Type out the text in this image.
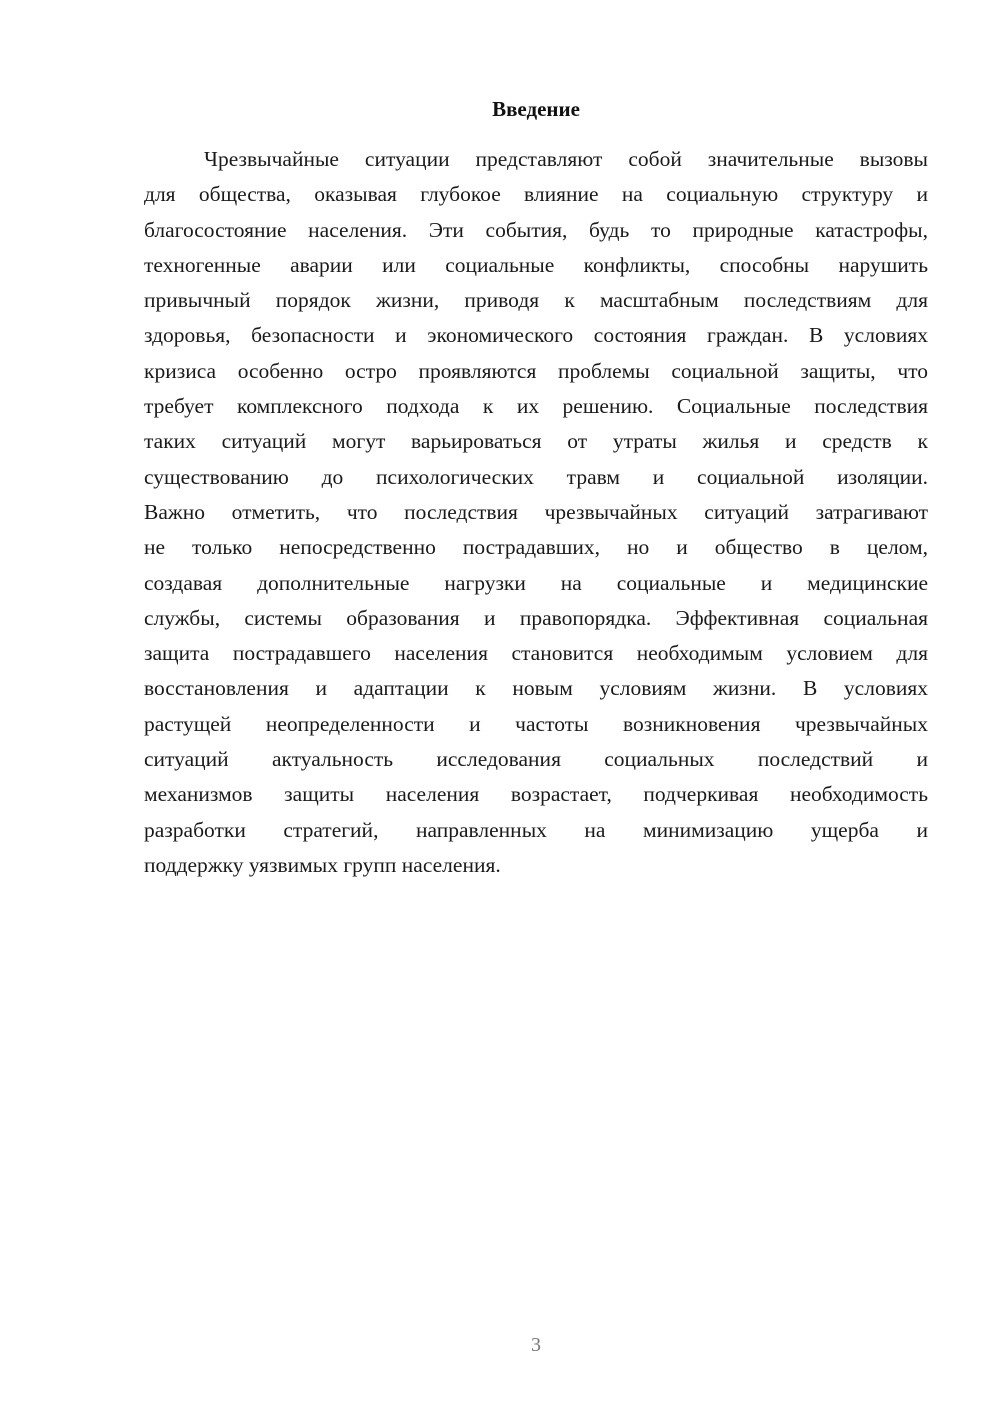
Введение
Чрезвычайные ситуации представляют собой значительные вызовы
для общества, оказывая глубокое влияние на социальную структуру и
благосостояние населения. Эти события, будь то природные катастрофы,
техногенные аварии или социальные конфликты, способны нарушить
привычный порядок жизни, приводя к масштабным последствиям для
здоровья, безопасности и экономического состояния граждан. В условиях
кризиса особенно остро проявляются проблемы социальной защиты, что
требует комплексного подхода к их решению. Социальные последствия
таких ситуаций могут варьироваться от утраты жилья и средств к
существованию до психологических травм и социальной изоляции.
Важно отметить, что последствия чрезвычайных ситуаций затрагивают
не только непосредственно пострадавших, но и общество в целом,
создавая дополнительные нагрузки на социальные и медицинские
службы, системы образования и правопорядка. Эффективная социальная
защита пострадавшего населения становится необходимым условием для
восстановления и адаптации к новым условиям жизни. В условиях
растущей неопределенности и частоты возникновения чрезвычайных
ситуаций актуальность исследования социальных последствий и
механизмов защиты населения возрастает, подчеркивая необходимость
разработки стратегий, направленных на минимизацию ущерба и
поддержку уязвимых групп населения.
3
